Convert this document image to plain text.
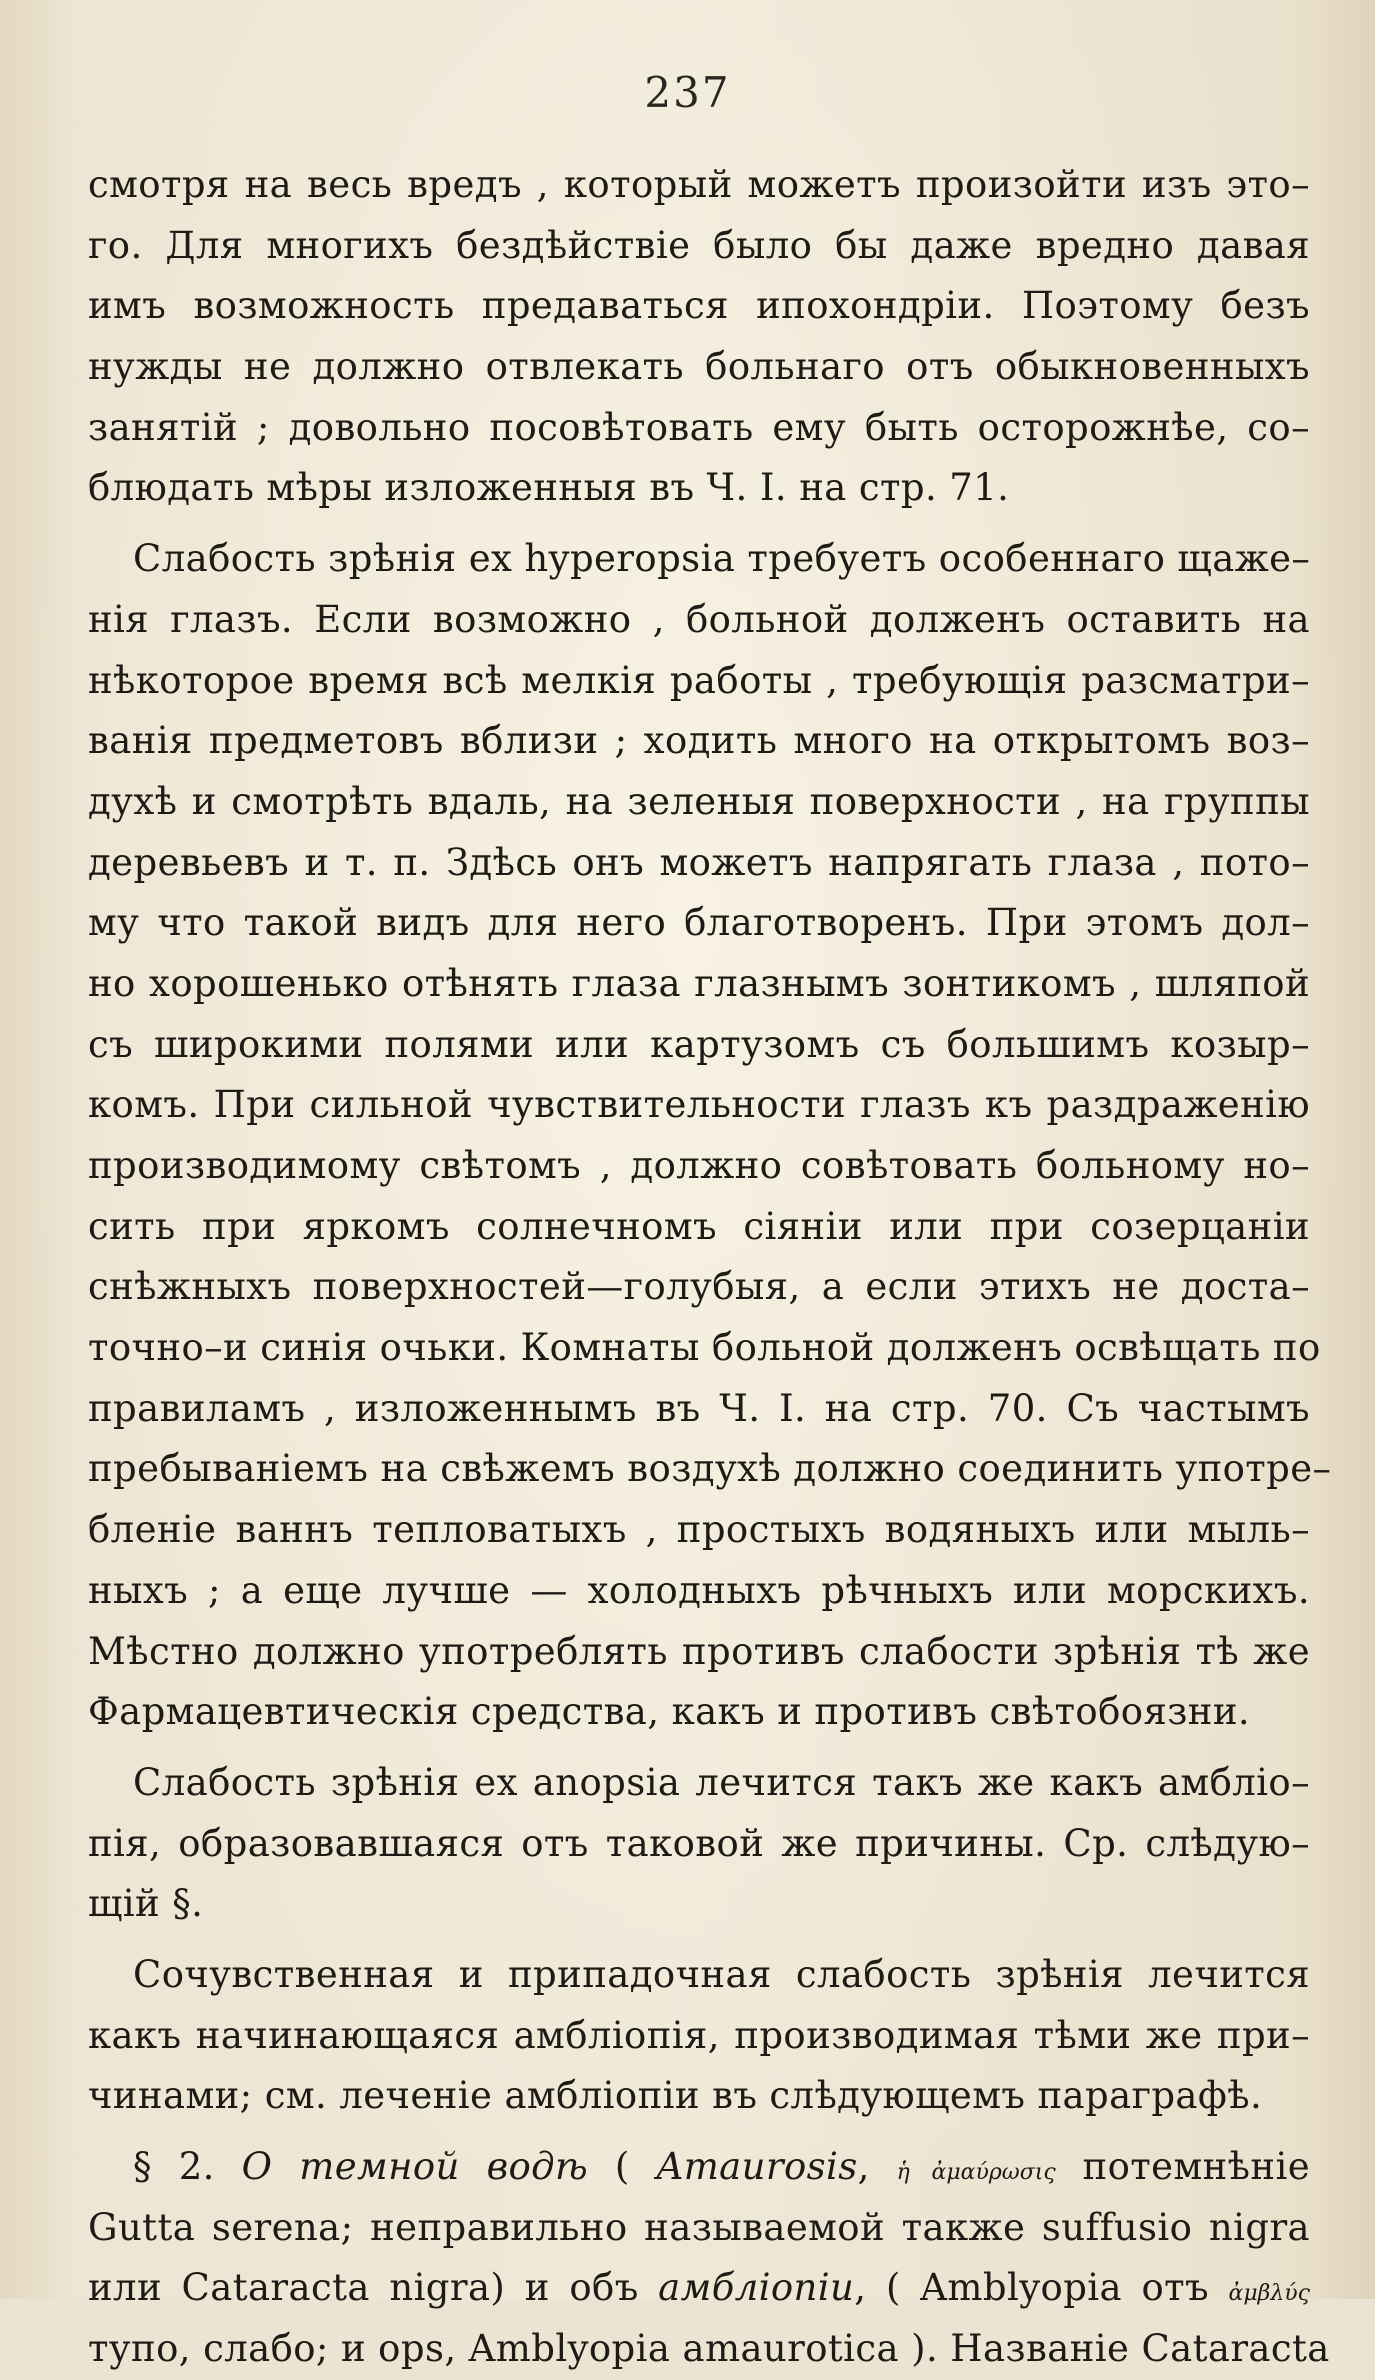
237
смотря на весь вредъ , который можетъ произойти изъ это–
го. Для многихъ бездѣйствіе было бы даже вредно давая
имъ возможность предаваться ипохондріи. Поэтому безъ
нужды не должно отвлекать больнаго отъ обыкновенныхъ
занятій ; довольно посовѣтовать ему быть осторожнѣе, со–
блюдать мѣры изложенныя въ Ч. I. на стр. 71.
Слабость зрѣнія ex hyperopsia требуетъ особеннаго щаже–
нія глазъ. Если возможно , больной долженъ оставить на
нѣкоторое время всѣ мелкія работы , требующія разсматри–
ванія предметовъ вблизи ; ходить много на открытомъ воз–
духѣ и смотрѣть вдаль, на зеленыя поверхности , на группы
деревьевъ и т. п. Здѣсь онъ можетъ напрягать глаза , пото–
му что такой видъ для него благотворенъ. При этомъ дол–
но хорошенько отѣнять глаза глазнымъ зонтикомъ , шляпой
съ широкими полями или картузомъ съ большимъ козыр–
комъ. При сильной чувствительности глазъ къ раздраженію
производимому свѣтомъ , должно совѣтовать больному но–
сить при яркомъ солнечномъ сіяніи или при созерцаніи
снѣжныхъ поверхностей—голубыя, а если этихъ не доста–
точно–и синія очьки. Комнаты больной долженъ освѣщать по
правиламъ , изложеннымъ въ Ч. I. на стр. 70. Съ частымъ
пребываніемъ на свѣжемъ воздухѣ должно соединить употре–
бленіе ваннъ тепловатыхъ , простыхъ водяныхъ или мыль–
ныхъ ; а еще лучше — холодныхъ рѣчныхъ или морскихъ.
Мѣстно должно употреблять противъ слабости зрѣнія тѣ же
Фармацевтическія средства, какъ и противъ свѣтобоязни.
Слабость зрѣнія ex anopsia лечится такъ же какъ амбліо–
пія, образовавшаяся отъ таковой же причины. Ср. слѣдую–
щій §.
Сочувственная и припадочная слабость зрѣнія лечится
какъ начинающаяся амбліопія, производимая тѣми же при–
чинами; см. леченіе амбліопіи въ слѣдующемъ параграфѣ.
§ 2. О темной водѣ ( Amaurosis, ἡ ἀμαύρωσις потемнѣніе
Gutta serena; неправильно называемой также suffusio nigra
или Cataracta nigra) и объ амбліопіи, ( Amblyopia отъ ἀμβλύς
тупо, слабо; и ops, Amblyopia amaurotica ). Названіе Cataracta
